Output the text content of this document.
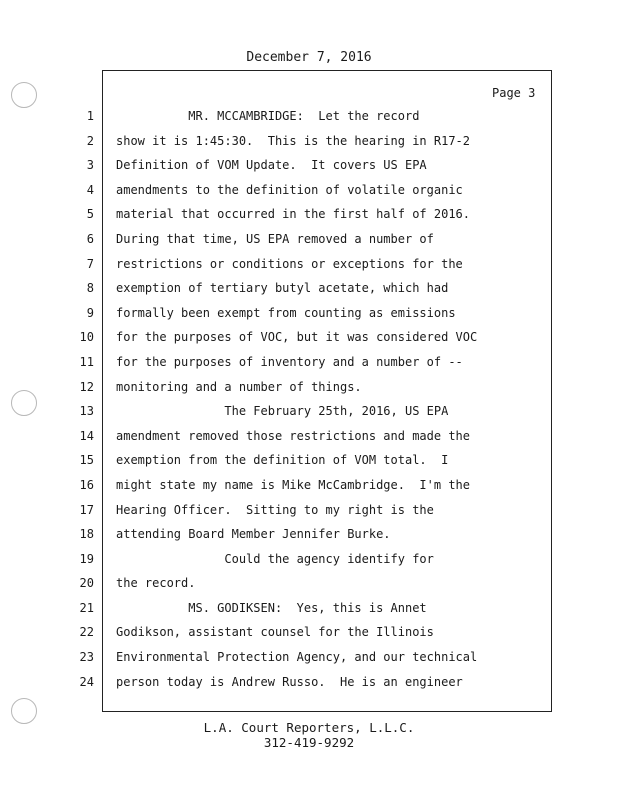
December 7, 2016
Page 3
1
2
3
4
5
6
7
8
9
10
11
12
13
14
15
16
17
18
19
20
21
22
23
24
MR. MCCAMBRIDGE:  Let the record
show it is 1:45:30.  This is the hearing in R17-2
Definition of VOM Update.  It covers US EPA
amendments to the definition of volatile organic
material that occurred in the first half of 2016.
During that time, US EPA removed a number of
restrictions or conditions or exceptions for the
exemption of tertiary butyl acetate, which had
formally been exempt from counting as emissions
for the purposes of VOC, but it was considered VOC
for the purposes of inventory and a number of --
monitoring and a number of things.
The February 25th, 2016, US EPA
amendment removed those restrictions and made the
exemption from the definition of VOM total.  I
might state my name is Mike McCambridge.  I'm the
Hearing Officer.  Sitting to my right is the
attending Board Member Jennifer Burke.
Could the agency identify for
the record.
MS. GODIKSEN:  Yes, this is Annet
Godikson, assistant counsel for the Illinois
Environmental Protection Agency, and our technical
person today is Andrew Russo.  He is an engineer
L.A. Court Reporters, L.L.C.
312-419-9292
